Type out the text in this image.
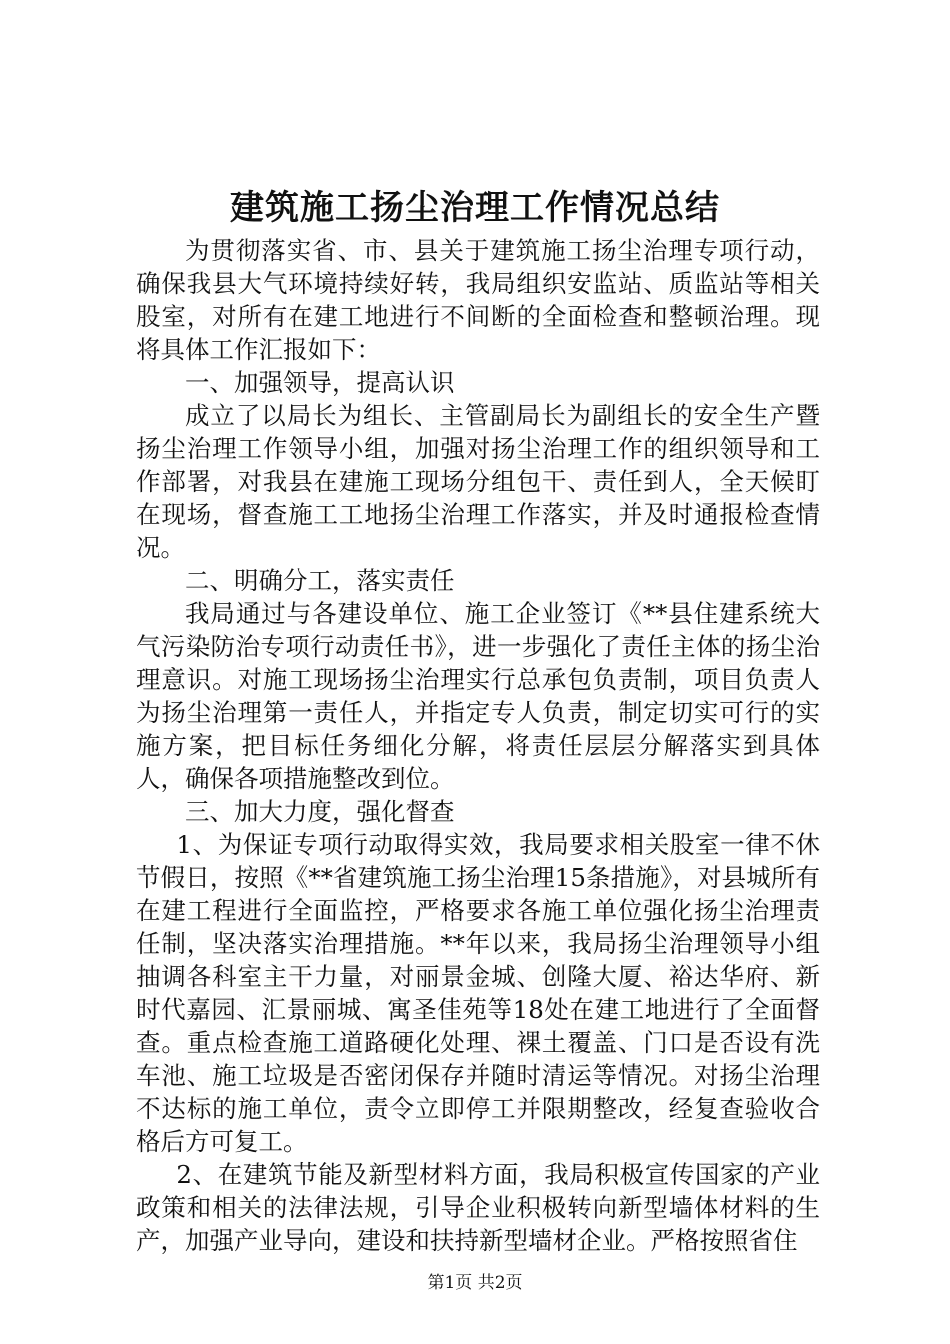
建筑施工扬尘治理工作情况总结

为贯彻落实省、市、县关于建筑施工扬尘治理专项行动，确保我县大气环境持续好转，我局组织安监站、质监站等相关股室，对所有在建工地进行不间断的全面检查和整顿治理。现将具体工作汇报如下：

一、加强领导，提高认识

成立了以局长为组长、主管副局长为副组长的安全生产暨扬尘治理工作领导小组，加强对扬尘治理工作的组织领导和工作部署，对我县在建施工现场分组包干、责任到人，全天候盯在现场，督查施工工地扬尘治理工作落实，并及时通报检查情况。

二、明确分工，落实责任

我局通过与各建设单位、施工企业签订《**县住建系统大气污染防治专项行动责任书》，进一步强化了责任主体的扬尘治理意识。对施工现场扬尘治理实行总承包负责制，项目负责人为扬尘治理第一责任人，并指定专人负责，制定切实可行的实施方案，把目标任务细化分解，将责任层层分解落实到具体人，确保各项措施整改到位。

三、加大力度，强化督查

1、为保证专项行动取得实效，我局要求相关股室一律不休节假日，按照《**省建筑施工扬尘治理15条措施》，对县城所有在建工程进行全面监控，严格要求各施工单位强化扬尘治理责任制，坚决落实治理措施。**年以来，我局扬尘治理领导小组抽调各科室主干力量，对丽景金城、创隆大厦、裕达华府、新时代嘉园、汇景丽城、寓圣佳苑等18处在建工地进行了全面督查。重点检查施工道路硬化处理、裸土覆盖、门口是否设有洗车池、施工垃圾是否密闭保存并随时清运等情况。对扬尘治理不达标的施工单位，责令立即停工并限期整改，经复查验收合格后方可复工。

2、在建筑节能及新型材料方面，我局积极宣传国家的产业政策和相关的法律法规，引导企业积极转向新型墙体材料的生产，加强产业导向，建设和扶持新型墙材企业。严格按照省住

第1页 共2页
